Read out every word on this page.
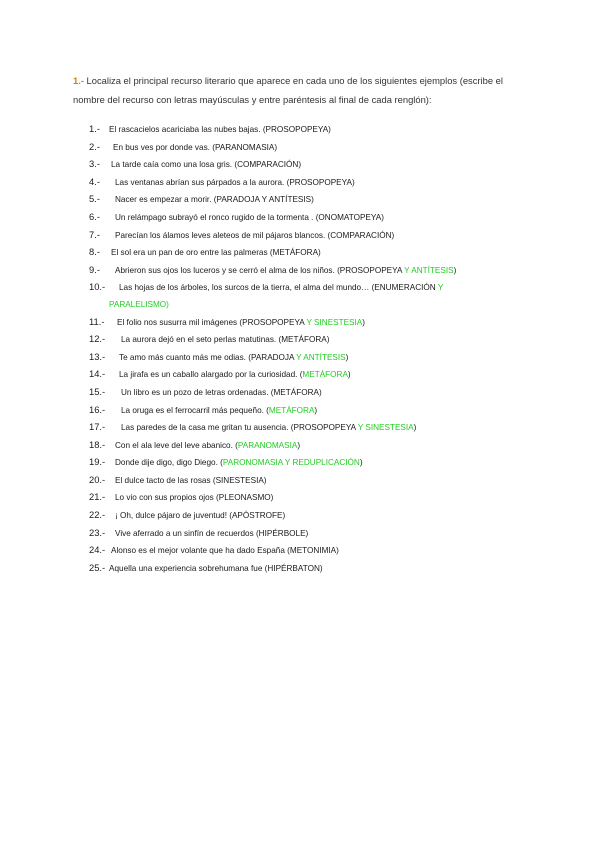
1.- Localiza el principal recurso literario que aparece en cada uno de los siguientes ejemplos (escribe el nombre del recurso con letras mayúsculas y entre paréntesis al final de cada renglón):
1.- El rascacielos acariciaba las nubes bajas. (PROSOPOPEYA)
2.- En bus ves por donde vas. (PARANOMASIA)
3.- La tarde caía como una losa gris. (COMPARACIÓN)
4.- Las ventanas abrían sus párpados a la aurora. (PROSOPOPEYA)
5.- Nacer es empezar a morir. (PARADOJA Y ANTÍTESIS)
6.- Un relámpago subrayó el ronco rugido de la tormenta . (ONOMATOPEYA)
7.- Parecían los álamos leves aleteos de mil pájaros blancos. (COMPARACIÓN)
8.- El sol era un pan de oro entre las palmeras (METÁFORA)
9.- Abrieron sus ojos los luceros y se cerró el alma de los niños. (PROSOPOPEYA Y ANTÍTESIS)
10.- Las hojas de los árboles, los surcos de la tierra, el alma del mundo… (ENUMERACIÓN Y
PARALELISMO)
11.- El folio nos susurra mil imágenes (PROSOPOPEYA Y SINESTESIA)
12.- La aurora dejó en el seto perlas matutinas. (METÁFORA)
13.- Te amo más cuanto más me odias. (PARADOJA Y ANTÍTESIS)
14.- La jirafa es un caballo alargado por la curiosidad. (METÁFORA)
15.- Un libro es un pozo de letras ordenadas. (METÁFORA)
16.- La oruga es el ferrocarril más pequeño. (METÁFORA)
17.- Las paredes de la casa me gritan tu ausencia. (PROSOPOPEYA Y SINESTESIA)
18.- Con el ala leve del leve abanico. (PARANOMASIA)
19.- Donde dije digo, digo Diego. (PARONOMASIA Y REDUPLICACIÓN)
20.- El dulce tacto de las rosas (SINESTESIA)
21.- Lo vio con sus propios ojos (PLEONASMO)
22.- ¡ Oh, dulce pájaro de juventud! (APÓSTROFE)
23.- Vive aferrado a un sinfín de recuerdos (HIPÉRBOLE)
24.- Alonso es el mejor volante que ha dado España (METONIMIA)
25.- Aquella una experiencia sobrehumana fue (HIPÉRBATON)
